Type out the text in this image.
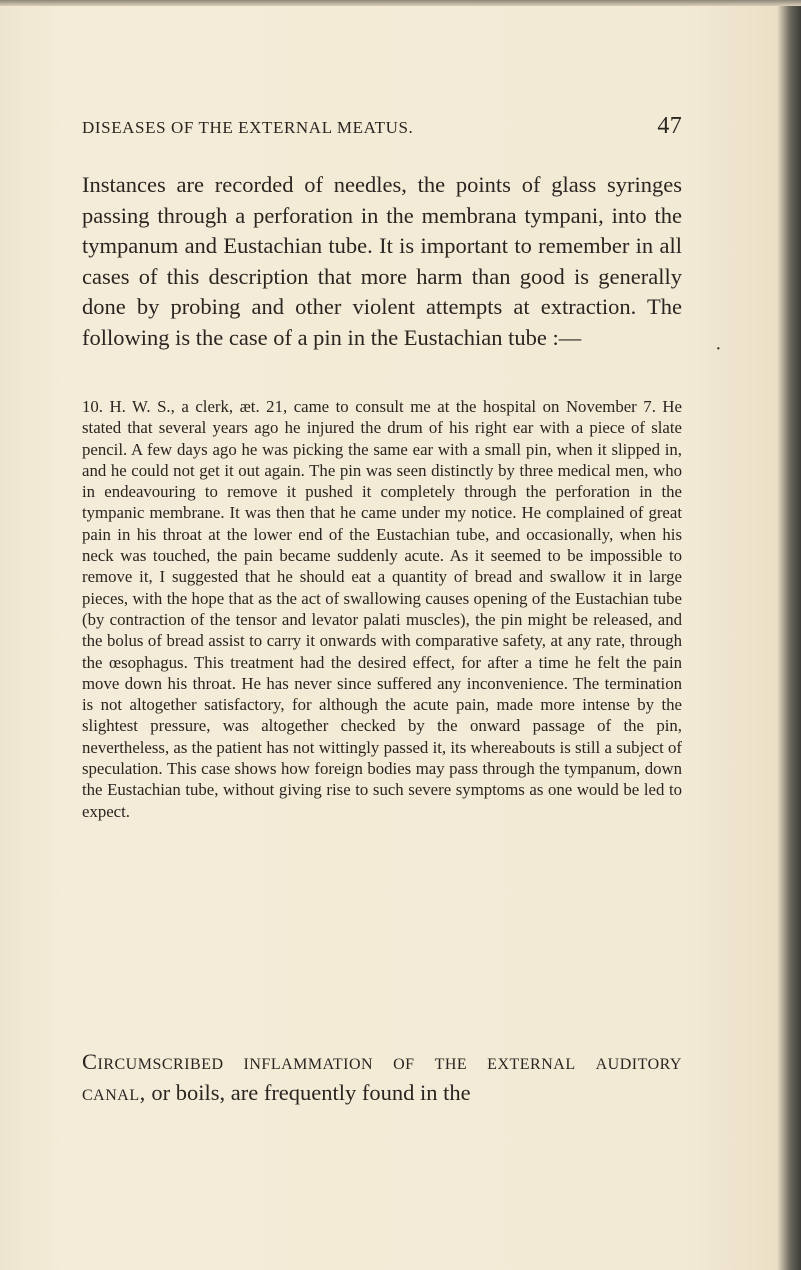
DISEASES OF THE EXTERNAL MEATUS.	47

Instances are recorded of needles, the points of glass syringes passing through a perforation in the membrana tympani, into the tympanum and Eustachian tube. It is important to remember in all cases of this description that more harm than good is generally done by probing and other violent attempts at extraction. The following is the case of a pin in the Eustachian tube :—

10. H. W. S., a clerk, æt. 21, came to consult me at the hospital on November 7. He stated that several years ago he injured the drum of his right ear with a piece of slate pencil. A few days ago he was picking the same ear with a small pin, when it slipped in, and he could not get it out again. The pin was seen distinctly by three medical men, who in endeavouring to remove it pushed it completely through the perforation in the tympanic membrane. It was then that he came under my notice. He complained of great pain in his throat at the lower end of the Eustachian tube, and occasionally, when his neck was touched, the pain became suddenly acute. As it seemed to be impossible to remove it, I suggested that he should eat a quantity of bread and swallow it in large pieces, with the hope that as the act of swallowing causes opening of the Eustachian tube (by contraction of the tensor and levator palati muscles), the pin might be released, and the bolus of bread assist to carry it onwards with comparative safety, at any rate, through the œsophagus. This treatment had the desired effect, for after a time he felt the pain move down his throat. He has never since suffered any inconvenience. The termination is not altogether satisfactory, for although the acute pain, made more intense by the slightest pressure, was altogether checked by the onward passage of the pin, nevertheless, as the patient has not wittingly passed it, its whereabouts is still a subject of speculation. This case shows how foreign bodies may pass through the tympanum, down the Eustachian tube, without giving rise to such severe symptoms as one would be led to expect.

Circumscribed inflammation of the external auditory canal, or boils, are frequently found in the

·
